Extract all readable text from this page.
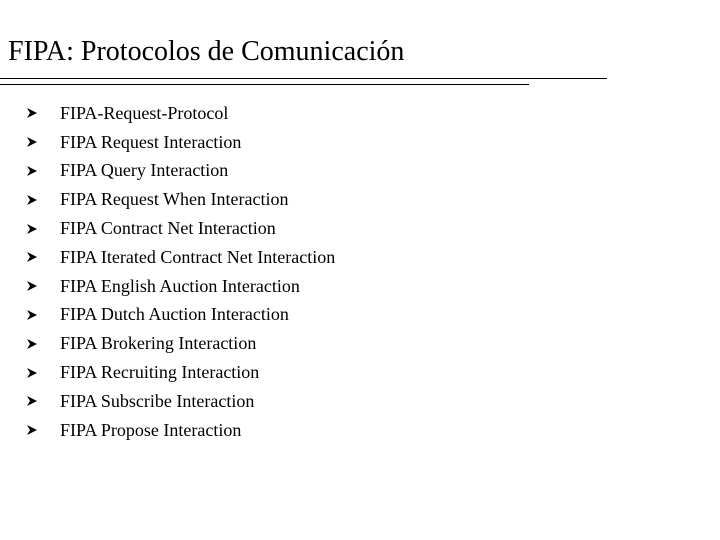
FIPA: Protocolos de Comunicación
FIPA-Request-Protocol
FIPA Request Interaction
FIPA Query Interaction
FIPA Request When Interaction
FIPA Contract Net Interaction
FIPA Iterated Contract Net Interaction
FIPA English Auction Interaction
FIPA Dutch Auction Interaction
FIPA Brokering Interaction
FIPA Recruiting Interaction
FIPA Subscribe Interaction
FIPA Propose Interaction
